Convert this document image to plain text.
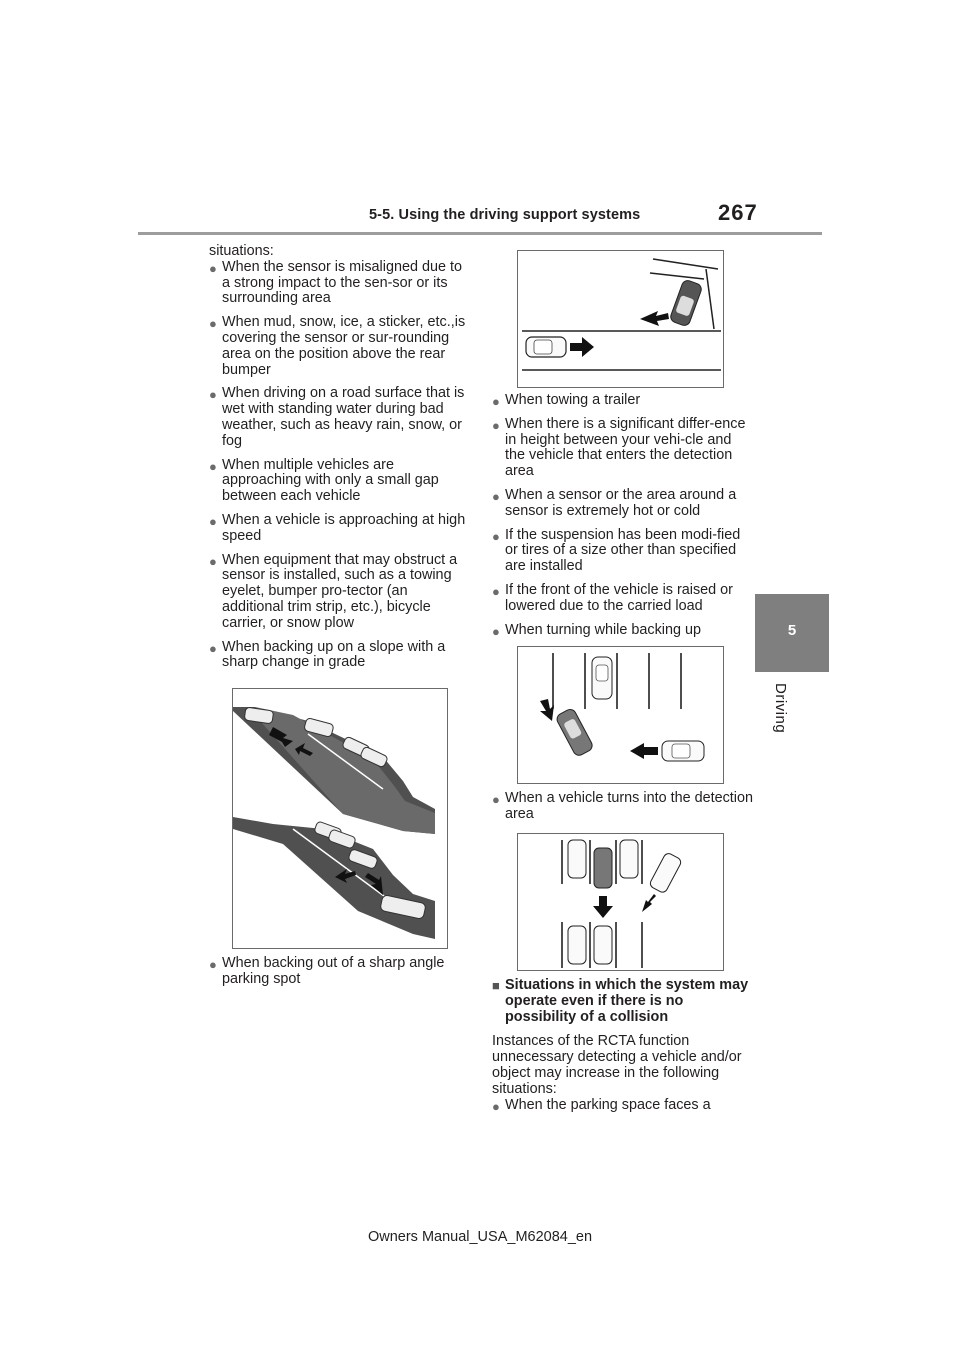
5-5. Using the driving support systems	267
5
Driving

situations:

● When the sensor is misaligned due to a strong impact to the sen-sor or its surrounding area
● When mud, snow, ice, a sticker, etc.,is covering the sensor or sur-rounding area on the position above the rear bumper
● When driving on a road surface that is wet with standing water during bad weather, such as heavy rain, snow, or fog
● When multiple vehicles are approaching with only a small gap between each vehicle
● When a vehicle is approaching at high speed
● When equipment that may obstruct a sensor is installed, such as a towing eyelet, bumper pro-tector (an additional trim strip, etc.), bicycle carrier, or snow plow
● When backing up on a slope with a sharp change in grade
● When backing out of a sharp angle parking spot
● When towing a trailer
● When there is a significant differ-ence in height between your vehi-cle and the vehicle that enters the detection area
● When a sensor or the area around a sensor is extremely hot or cold
● If the suspension has been modi-fied or tires of a size other than specified are installed
● If the front of the vehicle is raised or lowered due to the carried load
● When turning while backing up
● When a vehicle turns into the detection area
■ Situations in which the system may operate even if there is no possibility of a collision

Instances of the RCTA function unnecessary detecting a vehicle and/or object may increase in the following situations:

● When the parking space faces a
Owners Manual_USA_M62084_en
